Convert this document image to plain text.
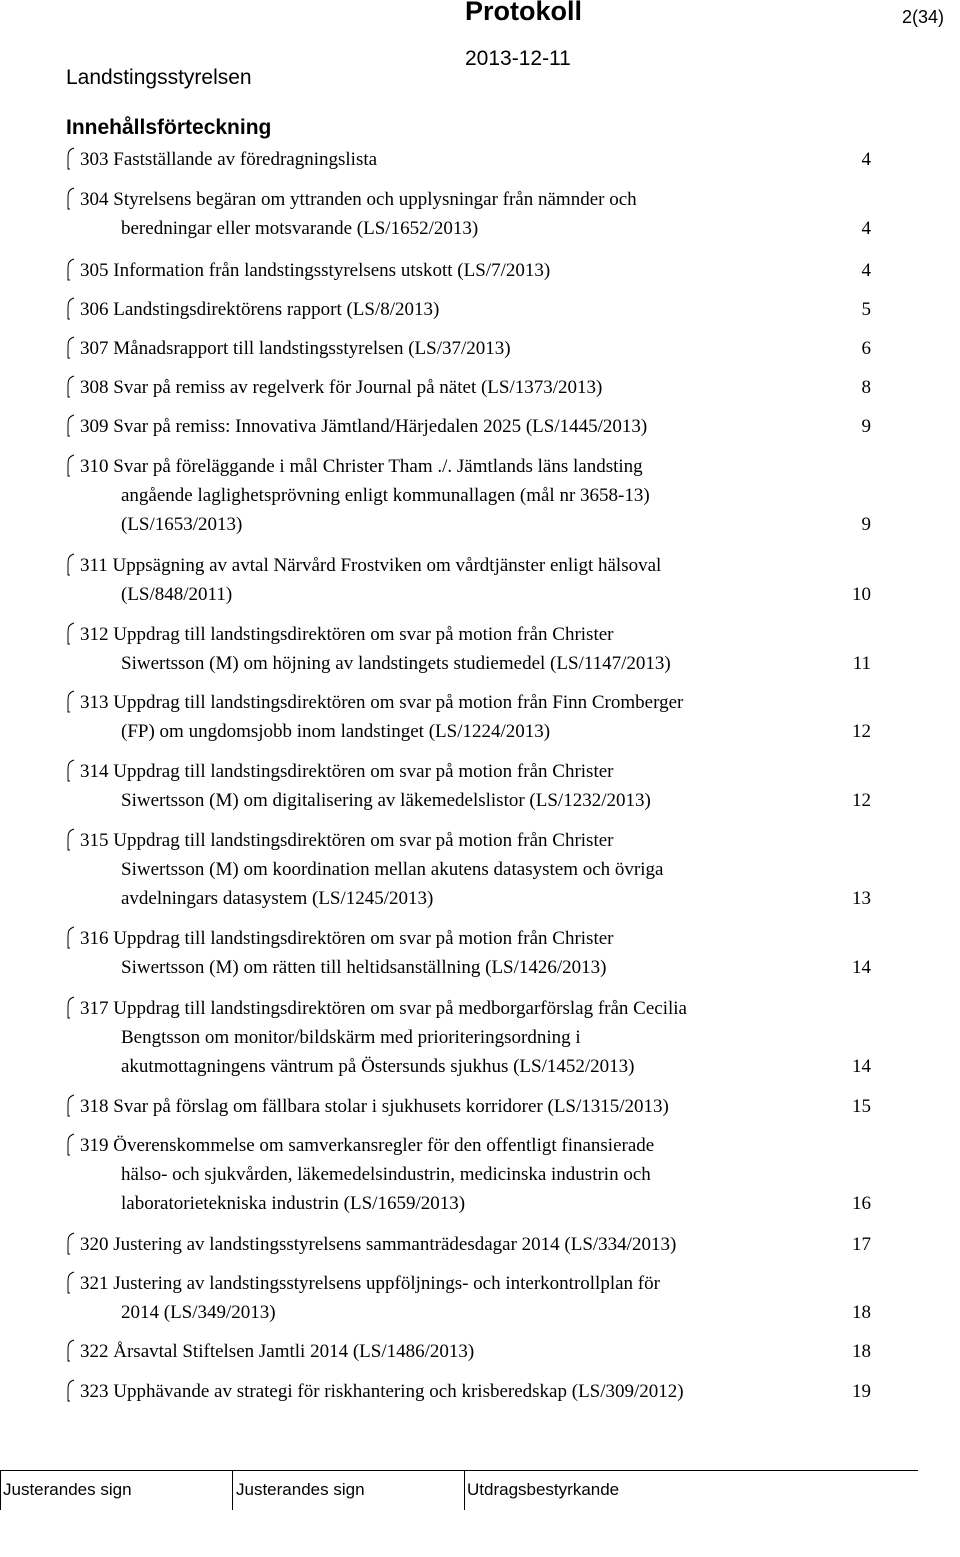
Protokoll	2(34)
Landstingsstyrelsen
2013-12-11
Innehållsförteckning
303 Fastställande av föredragningslista	4
304 Styrelsens begäran om yttranden och upplysningar från nämnder och
beredningar eller motsvarande (LS/1652/2013)	4
305 Information från landstingsstyrelsens utskott (LS/7/2013)	4
306 Landstingsdirektörens rapport (LS/8/2013)	5
307 Månadsrapport till landstingsstyrelsen (LS/37/2013)	6
308 Svar på remiss av regelverk för Journal på nätet (LS/1373/2013)	8
309 Svar på remiss: Innovativa Jämtland/Härjedalen 2025 (LS/1445/2013)	9
310 Svar på föreläggande i mål Christer Tham ./. Jämtlands läns landsting
angående laglighetsprövning enligt kommunallagen (mål nr 3658-13)
(LS/1653/2013)	9
311 Uppsägning av avtal Närvård Frostviken om vårdtjänster enligt hälsoval
(LS/848/2011)	10
312 Uppdrag till landstingsdirektören om svar på motion från Christer
Siwertsson (M) om höjning av landstingets studiemedel (LS/1147/2013)	11
313 Uppdrag till landstingsdirektören om svar på motion från Finn Cromberger
(FP) om ungdomsjobb inom landstinget (LS/1224/2013)	12
314 Uppdrag till landstingsdirektören om svar på motion från Christer
Siwertsson (M) om digitalisering av läkemedelslistor (LS/1232/2013)	12
315 Uppdrag till landstingsdirektören om svar på motion från Christer
Siwertsson (M) om koordination mellan akutens datasystem och övriga
avdelningars datasystem (LS/1245/2013)	13
316 Uppdrag till landstingsdirektören om svar på motion från Christer
Siwertsson (M) om rätten till heltidsanställning (LS/1426/2013)	14
317 Uppdrag till landstingsdirektören om svar på medborgarförslag från Cecilia
Bengtsson om monitor/bildskärm med prioriteringsordning i
akutmottagningens väntrum på Östersunds sjukhus (LS/1452/2013)	14
318 Svar på förslag om fällbara stolar i sjukhusets korridorer (LS/1315/2013)	15
319 Överenskommelse om samverkansregler för den offentligt finansierade
hälso- och sjukvården, läkemedelsindustrin, medicinska industrin och
laboratorietekniska industrin (LS/1659/2013)	16
320 Justering av landstingsstyrelsens sammanträdesdagar 2014 (LS/334/2013)	17
321 Justering av landstingsstyrelsens uppföljnings- och interkontrollplan för
2014 (LS/349/2013)	18
322 Årsavtal Stiftelsen Jamtli 2014 (LS/1486/2013)	18
323 Upphävande av strategi för riskhantering och krisberedskap (LS/309/2012)	19
Justerandes sign	Justerandes sign	Utdragsbestyrkande
